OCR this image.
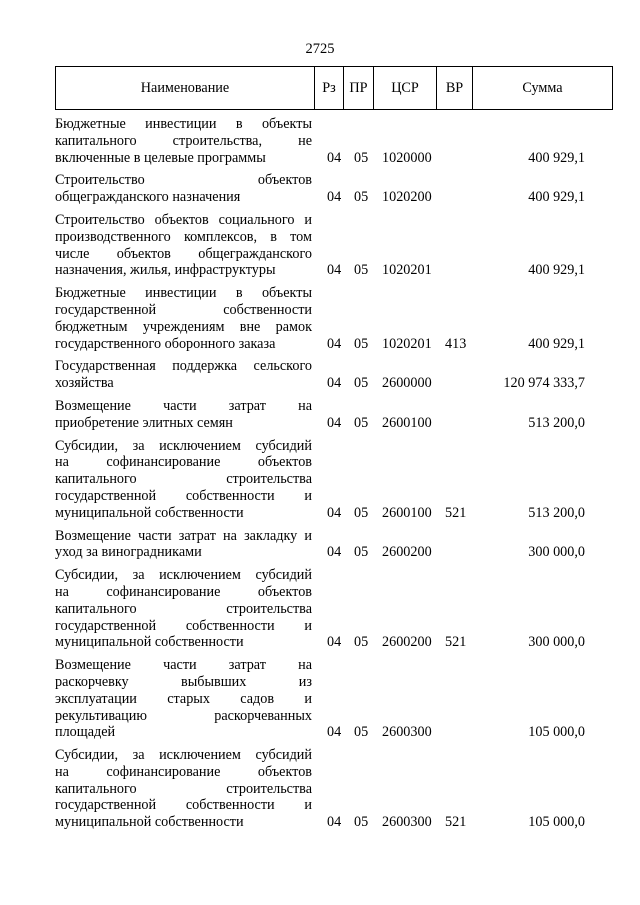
2725
Наименование	Рз ПР	ЦСР	ВР	Сумма
Бюджетные инвестиции в объекты
капитального строительства, не
включенные в целевые программы	04 05 1020000	400 929,1
Строительство объектов
общегражданского назначения	04 05 1020200	400 929,1
Строительство объектов социального и
производственного комплексов, в том
числе объектов общегражданского
назначения, жилья, инфраструктуры	04 05 1020201	400 929,1
Бюджетные инвестиции в объекты
государственной собственности
бюджетным учреждениям вне рамок
государственного оборонного заказа	04 05 1020201 413	400 929,1
Государственная поддержка сельского
хозяйства	04 05 2600000	120 974 333,7
Возмещение части затрат на
приобретение элитных семян	04 05 2600100	513 200,0
Субсидии, за исключением субсидий
на софинансирование объектов
капитального строительства
государственной собственности и
муниципальной собственности	04 05 2600100 521	513 200,0
Возмещение части затрат на закладку и
уход за виноградниками	04 05 2600200	300 000,0
Субсидии, за исключением субсидий
на софинансирование объектов
капитального строительства
государственной собственности и
муниципальной собственности	04 05 2600200 521	300 000,0
Возмещение части затрат на
раскорчевку выбывших из
эксплуатации старых садов и
рекультивацию раскорчеванных
площадей	04 05 2600300	105 000,0
Субсидии, за исключением субсидий
на софинансирование объектов
капитального строительства
государственной собственности и
муниципальной собственности	04 05 2600300 521	105 000,0
